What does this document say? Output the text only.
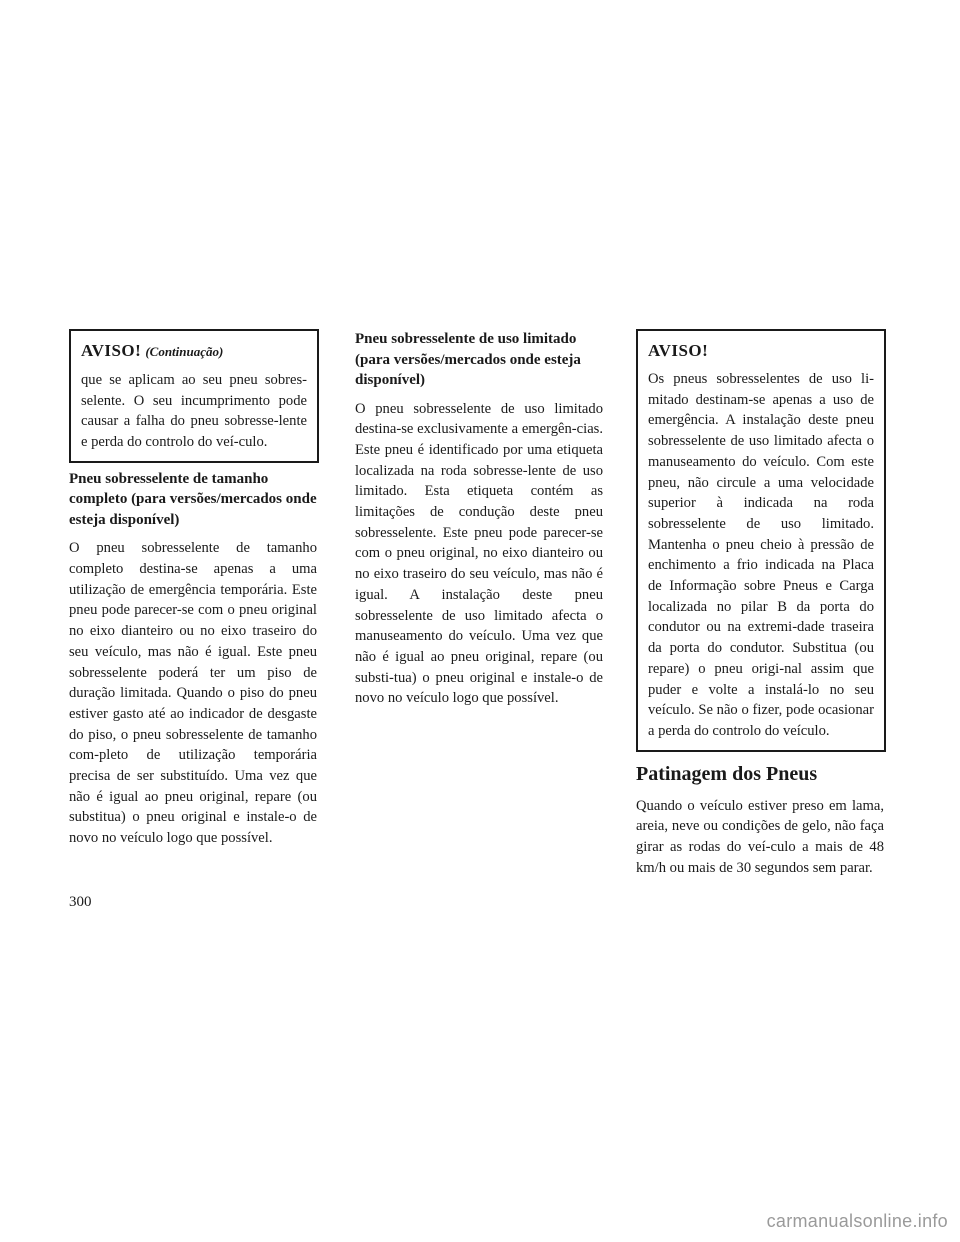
AVISO! (Continuação)

que se aplicam ao seu pneu sobres-selente. O seu incumprimento pode causar a falha do pneu sobresse-lente e perda do controlo do veí-culo.

Pneu sobresselente de tamanho completo (para versões/mercados onde esteja disponível)

O pneu sobresselente de tamanho completo destina-se apenas a uma utilização de emergência temporária. Este pneu pode parecer-se com o pneu original no eixo dianteiro ou no eixo traseiro do seu veículo, mas não é igual. Este pneu sobresselente poderá ter um piso de duração limitada. Quando o piso do pneu estiver gasto até ao indicador de desgaste do piso, o pneu sobresselente de tamanho com-pleto de utilização temporária precisa de ser substituído. Uma vez que não é igual ao pneu original, repare (ou substitua) o pneu original e instale-o de novo no veículo logo que possível.

Pneu sobresselente de uso limitado (para versões/mercados onde esteja disponível)

O pneu sobresselente de uso limitado destina-se exclusivamente a emergên-cias. Este pneu é identificado por uma etiqueta localizada na roda sobresse-lente de uso limitado. Esta etiqueta contém as limitações de condução deste pneu sobresselente. Este pneu pode parecer-se com o pneu original, no eixo dianteiro ou no eixo traseiro do seu veículo, mas não é igual. A instalação deste pneu sobresselente de uso limitado afecta o manuseamento do veículo. Uma vez que não é igual ao pneu original, repare (ou substi-tua) o pneu original e instale-o de novo no veículo logo que possível.

AVISO!

Os pneus sobresselentes de uso li-mitado destinam-se apenas a uso de emergência. A instalação deste pneu sobresselente de uso limitado afecta o manuseamento do veículo. Com este pneu, não circule a uma velocidade superior à indicada na roda sobresselente de uso limitado. Mantenha o pneu cheio à pressão de enchimento a frio indicada na Placa de Informação sobre Pneus e Carga localizada no pilar B da porta do condutor ou na extremi-dade traseira da porta do condutor. Substitua (ou repare) o pneu origi-nal assim que puder e volte a instalá-lo no seu veículo. Se não o fizer, pode ocasionar a perda do controlo do veículo.

Patinagem dos Pneus

Quando o veículo estiver preso em lama, areia, neve ou condições de gelo, não faça girar as rodas do veí-culo a mais de 48 km/h ou mais de 30 segundos sem parar.

300
carmanualsonline.info
